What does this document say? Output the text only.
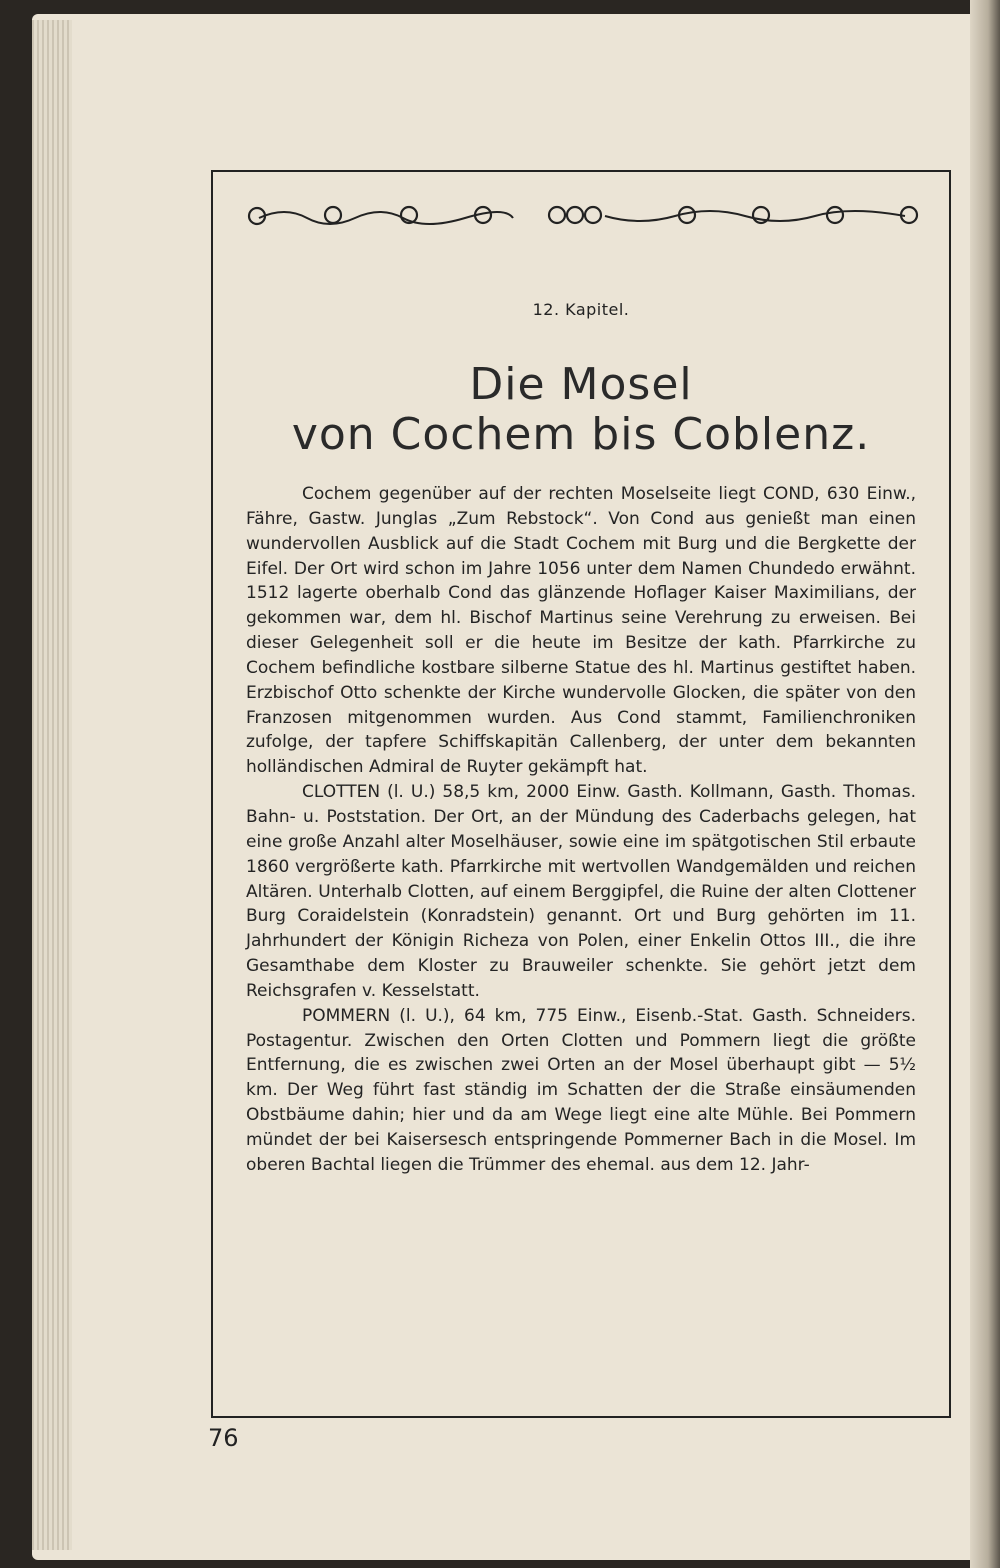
12. Kapitel.
Die Mosel
von Cochem bis Coblenz.

Cochem gegenüber auf der rechten Moselseite liegt COND, 630 Einw., Fähre, Gastw. Junglas „Zum Rebstock“. Von Cond aus genießt man einen wundervollen Ausblick auf die Stadt Cochem mit Burg und die Bergkette der Eifel. Der Ort wird schon im Jahre 1056 unter dem Namen Chundedo erwähnt. 1512 lagerte oberhalb Cond das glänzende Hoflager Kaiser Maximilians, der gekommen war, dem hl. Bischof Martinus seine Verehrung zu erweisen. Bei dieser Gelegenheit soll er die heute im Besitze der kath. Pfarrkirche zu Cochem befindliche kostbare silberne Statue des hl. Martinus gestiftet haben. Erzbischof Otto schenkte der Kirche wundervolle Glocken, die später von den Franzosen mitgenommen wurden. Aus Cond stammt, Familienchroniken zufolge, der tapfere Schiffskapitän Callenberg, der unter dem bekannten holländischen Admiral de Ruyter gekämpft hat.

CLOTTEN (l. U.) 58,5 km, 2000 Einw. Gasth. Kollmann, Gasth. Thomas. Bahn- u. Poststation. Der Ort, an der Mündung des Caderbachs gelegen, hat eine große Anzahl alter Moselhäuser, sowie eine im spätgotischen Stil erbaute 1860 vergrößerte kath. Pfarrkirche mit wertvollen Wandgemälden und reichen Altären. Unterhalb Clotten, auf einem Berggipfel, die Ruine der alten Clottener Burg Coraidelstein (Konradstein) genannt. Ort und Burg gehörten im 11. Jahrhundert der Königin Richeza von Polen, einer Enkelin Ottos III., die ihre Gesamthabe dem Kloster zu Brauweiler schenkte. Sie gehört jetzt dem Reichsgrafen v. Kesselstatt.

POMMERN (l. U.), 64 km, 775 Einw., Eisenb.-Stat. Gasth. Schneiders. Postagentur. Zwischen den Orten Clotten und Pommern liegt die größte Entfernung, die es zwischen zwei Orten an der Mosel überhaupt gibt — 5½ km. Der Weg führt fast ständig im Schatten der die Straße einsäumenden Obstbäume dahin; hier und da am Wege liegt eine alte Mühle. Bei Pommern mündet der bei Kaisersesch entspringende Pommerner Bach in die Mosel. Im oberen Bachtal liegen die Trümmer des ehemal. aus dem 12. Jahr-

76
